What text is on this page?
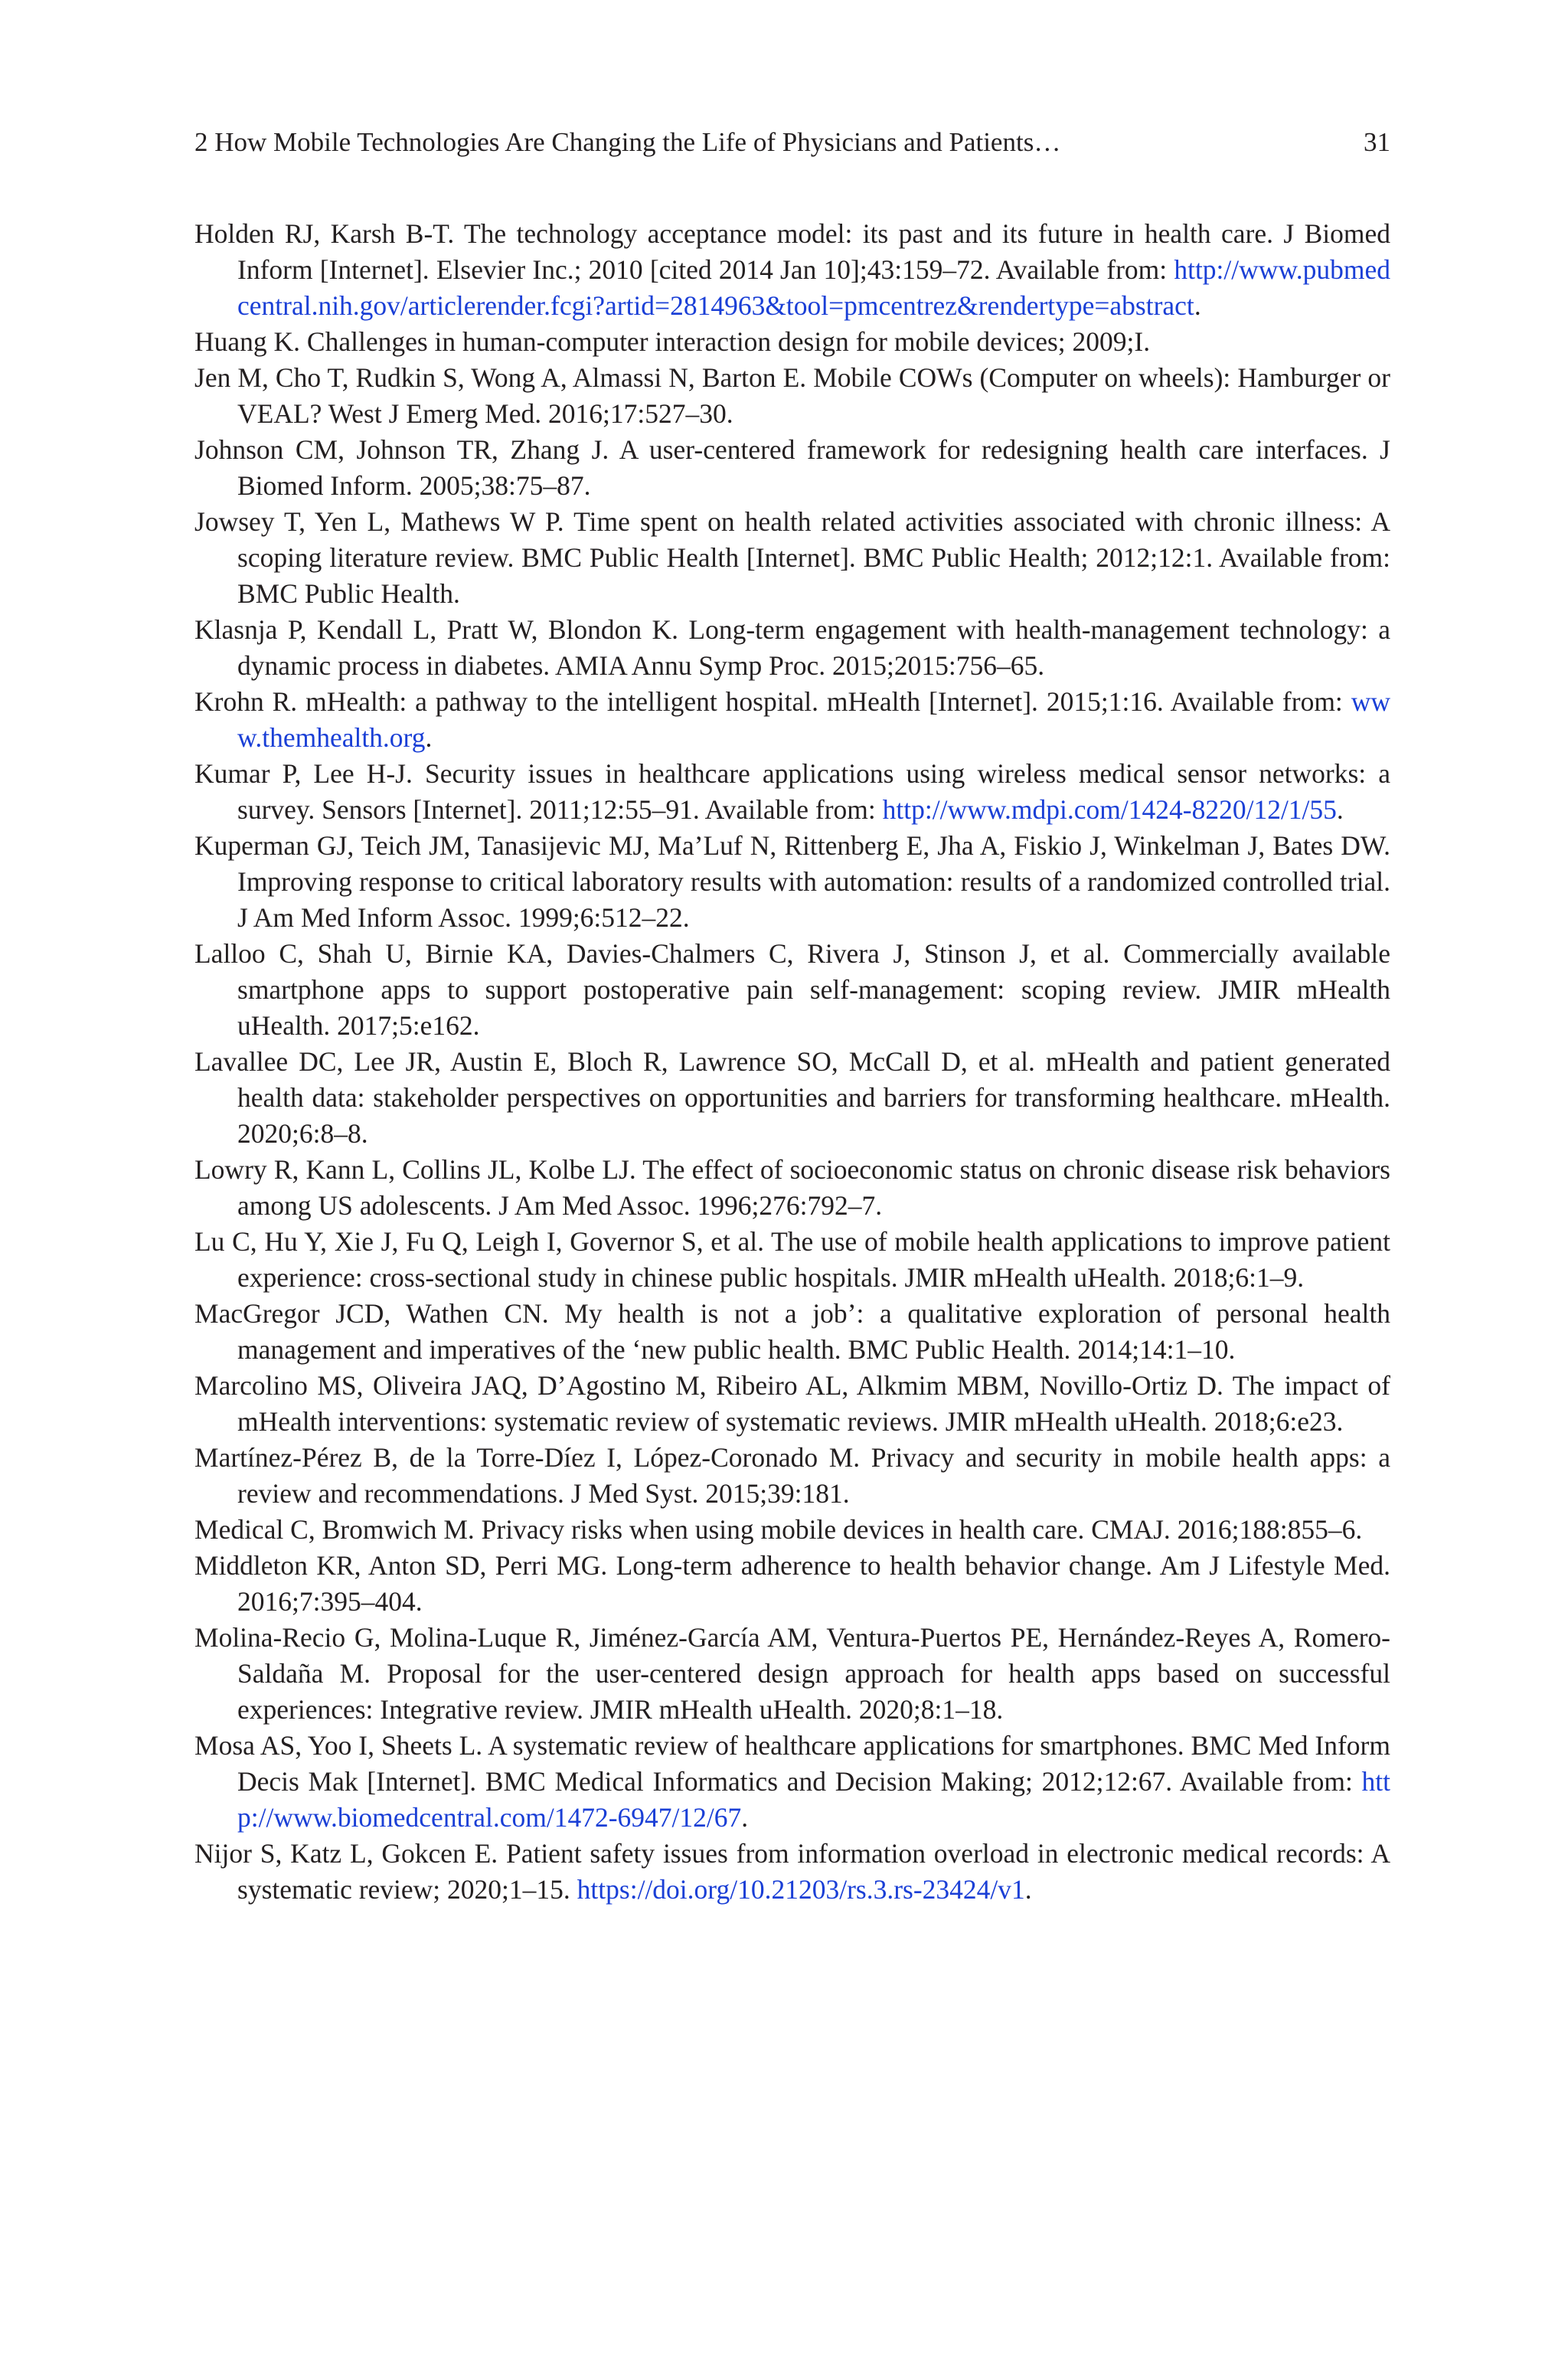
2 How Mobile Technologies Are Changing the Life of Physicians and Patients…	31

Holden RJ, Karsh B-T. The technology acceptance model: its past and its future in health care. J Biomed Inform [Internet]. Elsevier Inc.; 2010 [cited 2014 Jan 10];43:159–72. Available from: http://www.pubmedcentral.nih.gov/articlerender.fcgi?artid=2814963&tool=pmcentrez&rendertype=abstract.

Huang K. Challenges in human-computer interaction design for mobile devices; 2009;I.

Jen M, Cho T, Rudkin S, Wong A, Almassi N, Barton E. Mobile COWs (Computer on wheels): Hamburger or VEAL? West J Emerg Med. 2016;17:527–30.

Johnson CM, Johnson TR, Zhang J. A user-centered framework for redesigning health care interfaces. J Biomed Inform. 2005;38:75–87.

Jowsey T, Yen L, Mathews W P. Time spent on health related activities associated with chronic illness: A scoping literature review. BMC Public Health [Internet]. BMC Public Health; 2012;12:1. Available from: BMC Public Health.

Klasnja P, Kendall L, Pratt W, Blondon K. Long-term engagement with health-management technology: a dynamic process in diabetes. AMIA Annu Symp Proc. 2015;2015:756–65.

Krohn R. mHealth: a pathway to the intelligent hospital. mHealth [Internet]. 2015;1:16. Available from: www.themhealth.org.

Kumar P, Lee H-J. Security issues in healthcare applications using wireless medical sensor networks: a survey. Sensors [Internet]. 2011;12:55–91. Available from: http://www.mdpi.com/1424-8220/12/1/55.

Kuperman GJ, Teich JM, Tanasijevic MJ, Ma’Luf N, Rittenberg E, Jha A, Fiskio J, Winkelman J, Bates DW. Improving response to critical laboratory results with automation: results of a randomized controlled trial. J Am Med Inform Assoc. 1999;6:512–22.

Lalloo C, Shah U, Birnie KA, Davies-Chalmers C, Rivera J, Stinson J, et al. Commercially available smartphone apps to support postoperative pain self-management: scoping review. JMIR mHealth uHealth. 2017;5:e162.

Lavallee DC, Lee JR, Austin E, Bloch R, Lawrence SO, McCall D, et al. mHealth and patient generated health data: stakeholder perspectives on opportunities and barriers for transforming healthcare. mHealth. 2020;6:8–8.

Lowry R, Kann L, Collins JL, Kolbe LJ. The effect of socioeconomic status on chronic disease risk behaviors among US adolescents. J Am Med Assoc. 1996;276:792–7.

Lu C, Hu Y, Xie J, Fu Q, Leigh I, Governor S, et al. The use of mobile health applications to improve patient experience: cross-sectional study in chinese public hospitals. JMIR mHealth uHealth. 2018;6:1–9.

MacGregor JCD, Wathen CN. My health is not a job’: a qualitative exploration of personal health management and imperatives of the ‘new public health. BMC Public Health. 2014;14:1–10.

Marcolino MS, Oliveira JAQ, D’Agostino M, Ribeiro AL, Alkmim MBM, Novillo-Ortiz D. The impact of mHealth interventions: systematic review of systematic reviews. JMIR mHealth uHealth. 2018;6:e23.

Martínez-Pérez B, de la Torre-Díez I, López-Coronado M. Privacy and security in mobile health apps: a review and recommendations. J Med Syst. 2015;39:181.

Medical C, Bromwich M. Privacy risks when using mobile devices in health care. CMAJ. 2016;188:855–6.

Middleton KR, Anton SD, Perri MG. Long-term adherence to health behavior change. Am J Lifestyle Med. 2016;7:395–404.

Molina-Recio G, Molina-Luque R, Jiménez-García AM, Ventura-Puertos PE, Hernández-Reyes A, Romero-Saldaña M. Proposal for the user-centered design approach for health apps based on successful experiences: Integrative review. JMIR mHealth uHealth. 2020;8:1–18.

Mosa AS, Yoo I, Sheets L. A systematic review of healthcare applications for smartphones. BMC Med Inform Decis Mak [Internet]. BMC Medical Informatics and Decision Making; 2012;12:67. Available from: http://www.biomedcentral.com/1472-6947/12/67.

Nijor S, Katz L, Gokcen E. Patient safety issues from information overload in electronic medical records: A systematic review; 2020;1–15. https://doi.org/10.21203/rs.3.rs-23424/v1.
